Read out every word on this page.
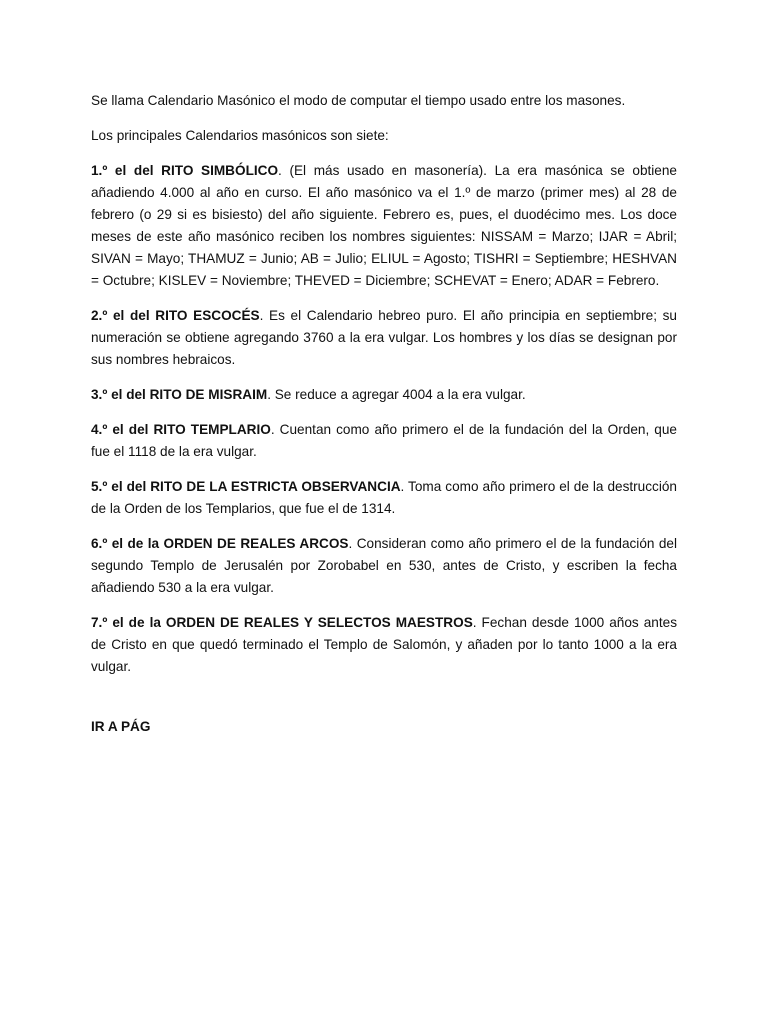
Se llama Calendario Masónico el modo de computar el tiempo usado entre los masones.

Los principales Calendarios masónicos son siete:

1.º el del RITO SIMBÓLICO. (El más usado en masonería). La era masónica se obtiene añadiendo 4.000 al año en curso. El año masónico va el 1.º de marzo (primer mes) al 28 de febrero (o 29 si es bisiesto) del año siguiente. Febrero es, pues, el duodécimo mes. Los doce meses de este año masónico reciben los nombres siguientes: NISSAM = Marzo; IJAR = Abril; SIVAN = Mayo; THAMUZ = Junio; AB = Julio; ELIUL = Agosto; TISHRI = Septiembre; HESHVAN = Octubre; KISLEV = Noviembre; THEVED = Diciembre; SCHEVAT = Enero; ADAR = Febrero.

2.º el del RITO ESCOCÉS. Es el Calendario hebreo puro. El año principia en septiembre; su numeración se obtiene agregando 3760 a la era vulgar. Los hombres y los días se designan por sus nombres hebraicos.

3.º el del RITO DE MISRAIM. Se reduce a agregar 4004 a la era vulgar.

4.º el del RITO TEMPLARIO. Cuentan como año primero el de la fundación del la Orden, que fue el 1118 de la era vulgar.

5.º el del RITO DE LA ESTRICTA OBSERVANCIA. Toma como año primero el de la destrucción de la Orden de los Templarios, que fue el de 1314.

6.º el de la ORDEN DE REALES ARCOS. Consideran como año primero el de la fundación del segundo Templo de Jerusalén por Zorobabel en 530, antes de Cristo, y escriben la fecha añadiendo 530 a la era vulgar.

7.º el de la ORDEN DE REALES Y SELECTOS MAESTROS. Fechan desde 1000 años antes de Cristo en que quedó terminado el Templo de Salomón, y añaden por lo tanto 1000 a la era vulgar.

IR A PÁG
